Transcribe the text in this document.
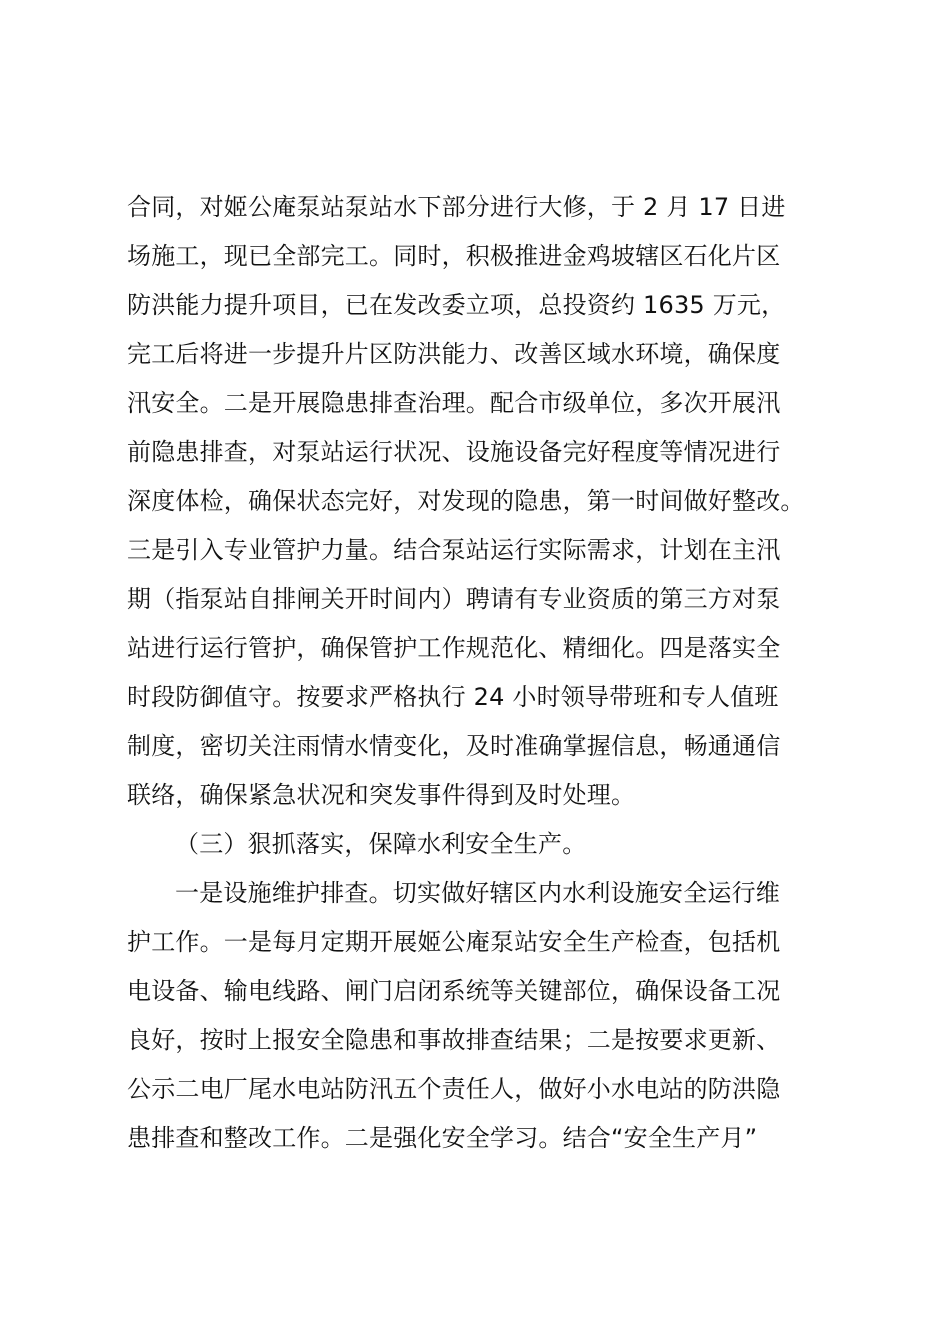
合同，对姬公庵泵站泵站水下部分进行大修，于 2 月 17 日进
场施工，现已全部完工。同时，积极推进金鸡坡辖区石化片区
防洪能力提升项目，已在发改委立项，总投资约 1635 万元，
完工后将进一步提升片区防洪能力、改善区域水环境，确保度
汛安全。二是开展隐患排查治理。配合市级单位，多次开展汛
前隐患排查，对泵站运行状况、设施设备完好程度等情况进行
深度体检，确保状态完好，对发现的隐患，第一时间做好整改。
三是引入专业管护力量。结合泵站运行实际需求，计划在主汛
期（指泵站自排闸关开时间内）聘请有专业资质的第三方对泵
站进行运行管护，确保管护工作规范化、精细化。四是落实全
时段防御值守。按要求严格执行 24 小时领导带班和专人值班
制度，密切关注雨情水情变化，及时准确掌握信息，畅通通信
联络，确保紧急状况和突发事件得到及时处理。
（三）狠抓落实，保障水利安全生产。
一是设施维护排查。切实做好辖区内水利设施安全运行维
护工作。一是每月定期开展姬公庵泵站安全生产检查，包括机
电设备、输电线路、闸门启闭系统等关键部位，确保设备工况
良好，按时上报安全隐患和事故排查结果；二是按要求更新、
公示二电厂尾水电站防汛五个责任人，做好小水电站的防洪隐
患排查和整改工作。二是强化安全学习。结合“安全生产月”
